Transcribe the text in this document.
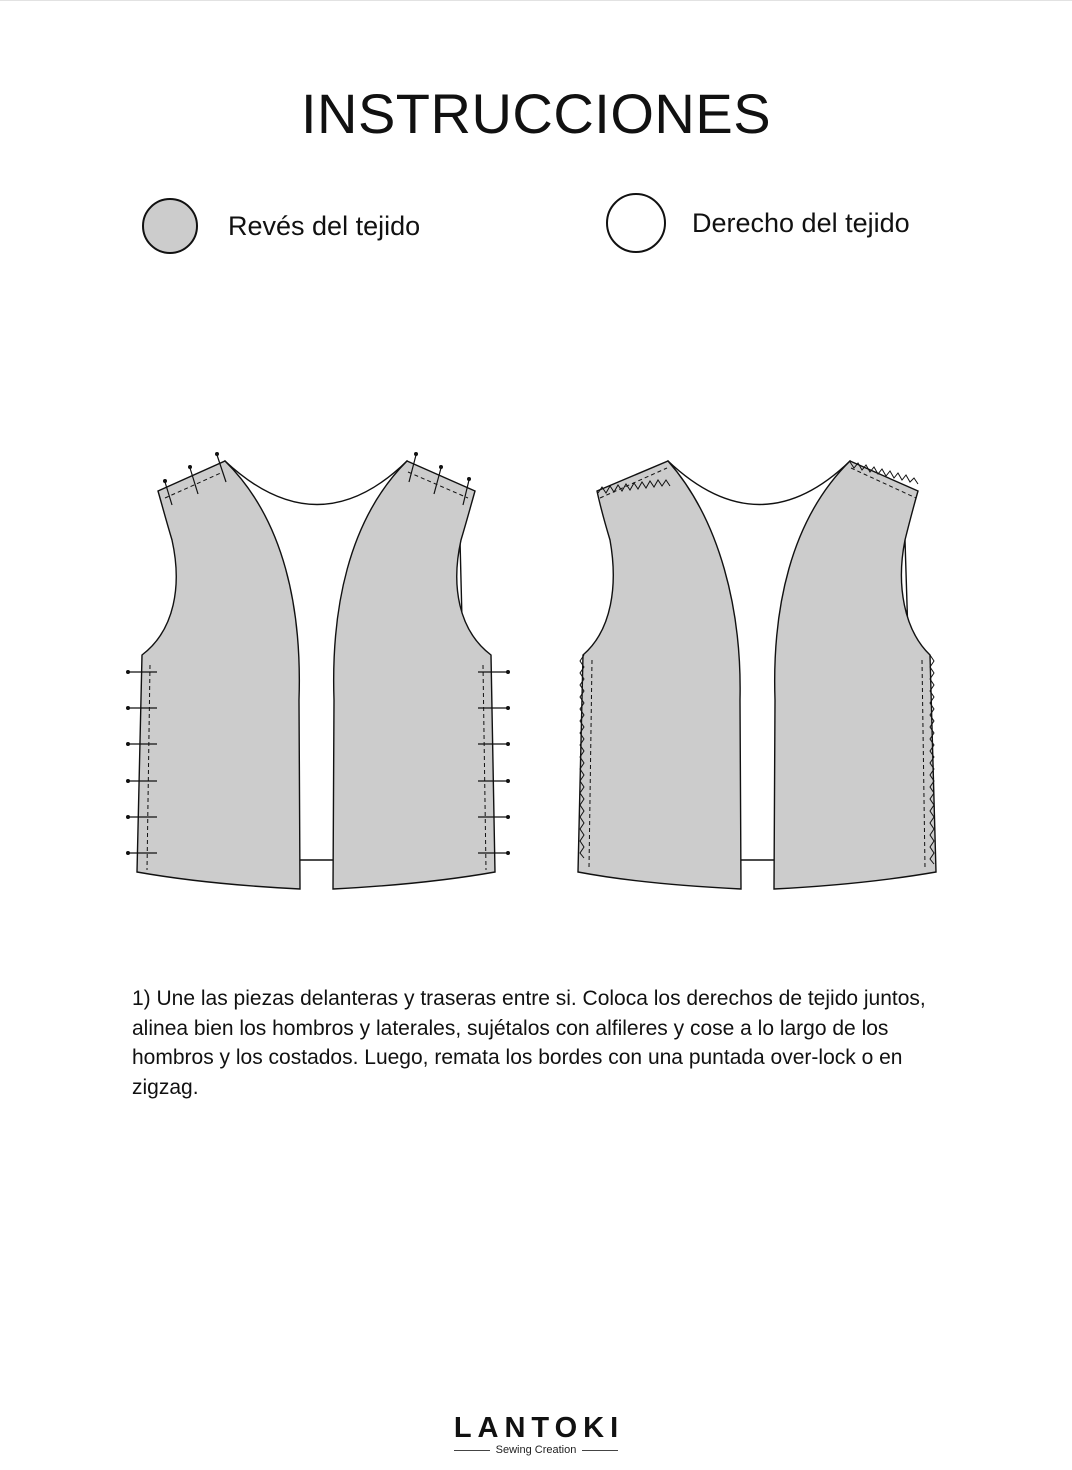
INSTRUCCIONES
Revés del tejido	Derecho del tejido

1) Une las piezas delanteras y traseras entre si. Coloca los derechos de tejido juntos, alinea bien los hombros y laterales, sujétalos con alfileres y cose a lo largo de los hombros y los costados. Luego, remata los bordes con una puntada over-lock o en zigzag.

LANTOKI
Sewing Creation
